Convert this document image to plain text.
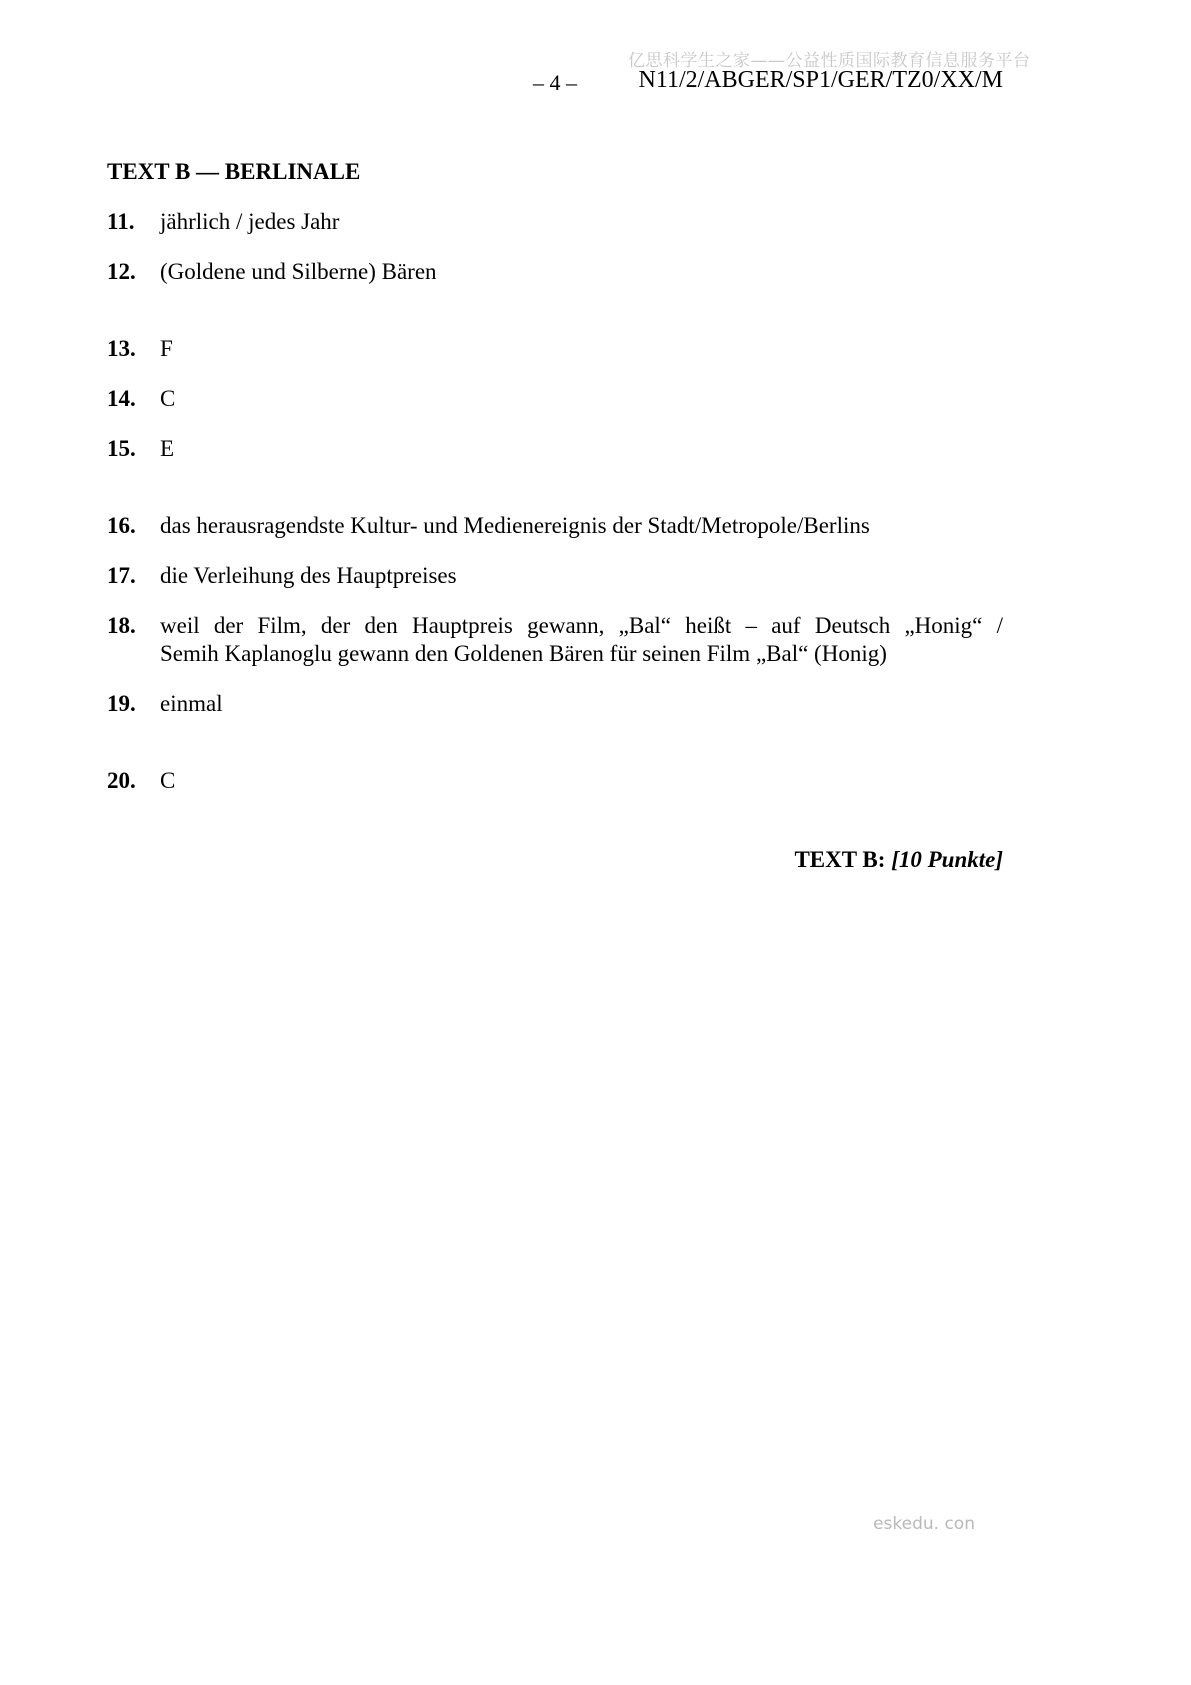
亿思科学生之家——公益性质国际教育信息服务平台
– 4 –	N11/2/ABGER/SP1/GER/TZ0/XX/M
TEXT B — BERLINALE
11.	jährlich / jedes Jahr
12.	(Goldene und Silberne) Bären
13.	F
14.	C
15.	E
16.	das herausragendste Kultur- und Medienereignis der Stadt/Metropole/Berlins
17.	die Verleihung des Hauptpreises
18.	weil der Film, der den Hauptpreis gewann, „Bal“ heißt – auf Deutsch „Honig“ /
Semih Kaplanoglu gewann den Goldenen Bären für seinen Film „Bal“ (Honig)
19.	einmal
20.	C
TEXT B: [10 Punkte]
eskedu. con
